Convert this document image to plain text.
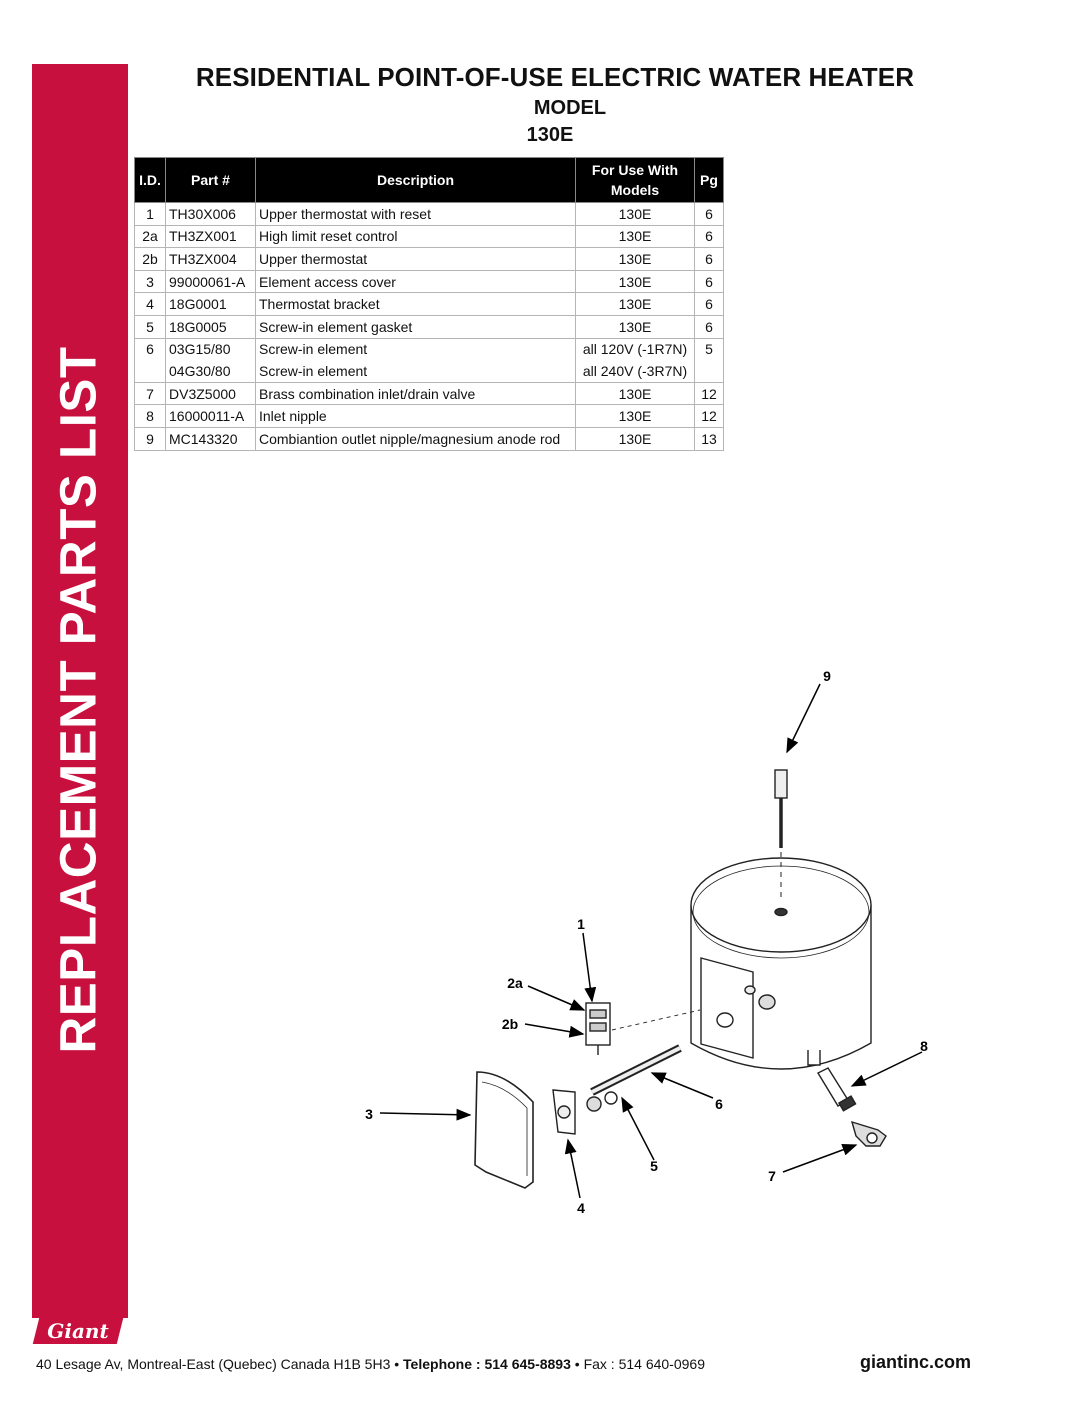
REPLACEMENT PARTS LIST
Giant
RESIDENTIAL POINT-OF-USE ELECTRIC WATER HEATER
MODEL
130E
I.D.	Part #	Description	For Use With Models	Pg
1	TH30X006	Upper thermostat with reset	130E	6
2a	TH3ZX001	High limit reset control	130E	6
2b	TH3ZX004	Upper thermostat	130E	6
3	99000061-A	Element access cover	130E	6
4	18G0001	Thermostat bracket	130E	6
5	18G0005	Screw-in element gasket	130E	6
6	03G15/80	Screw-in element	all 120V (-1R7N)	5
	04G30/80	Screw-in element	all 240V (-3R7N)	
7	DV3Z5000	Brass combination inlet/drain valve	130E	12
8	16000011-A	Inlet nipple	130E	12
9	MC143320	Combiantion outlet nipple/magnesium anode rod	130E	13
9
1
2a
2b
8
3
6
5
7
4
40 Lesage Av, Montreal-East (Quebec) Canada H1B 5H3 • Telephone : 514 645-8893 • Fax : 514 640-0969	giantinc.com
